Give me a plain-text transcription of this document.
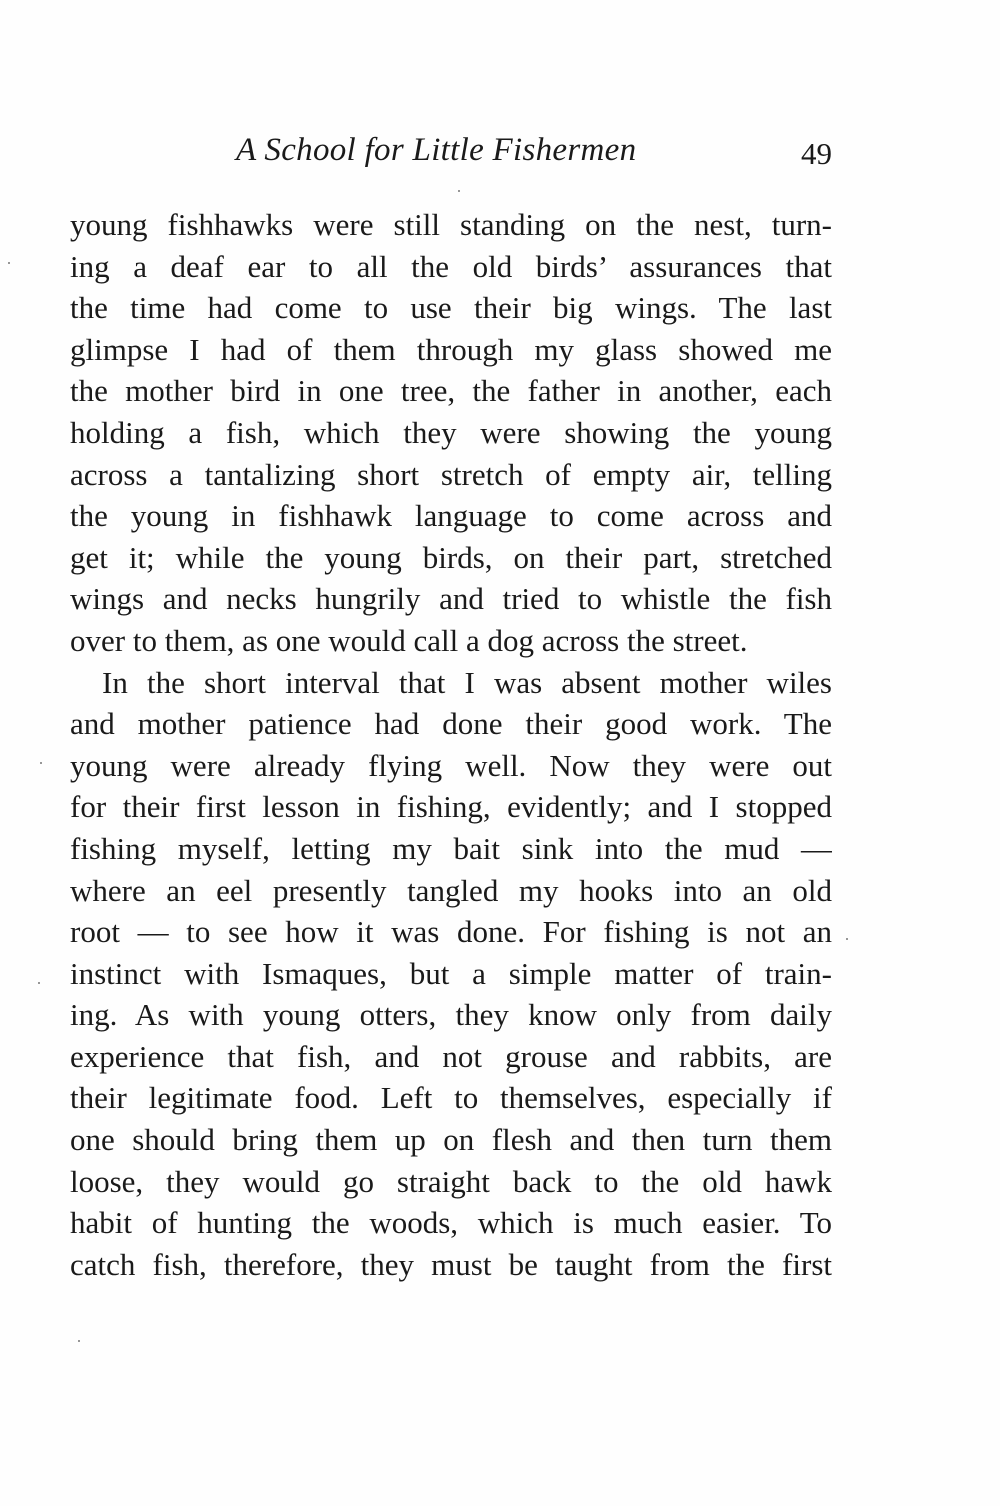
A School for Little Fishermen	49
young fishhawks were still standing on the nest, turn-
ing a deaf ear to all the old birds’ assurances that
the time had come to use their big wings. The last
glimpse I had of them through my glass showed me
the mother bird in one tree, the father in another, each
holding a fish, which they were showing the young
across a tantalizing short stretch of empty air, telling
the young in fishhawk language to come across and
get it; while the young birds, on their part, stretched
wings and necks hungrily and tried to whistle the fish
over to them, as one would call a dog across the street.
In the short interval that I was absent mother wiles
and mother patience had done their good work. The
young were already flying well. Now they were out
for their first lesson in fishing, evidently; and I stopped
fishing myself, letting my bait sink into the mud —
where an eel presently tangled my hooks into an old
root — to see how it was done. For fishing is not an
instinct with Ismaques, but a simple matter of train-
ing. As with young otters, they know only from daily
experience that fish, and not grouse and rabbits, are
their legitimate food. Left to themselves, especially if
one should bring them up on flesh and then turn them
loose, they would go straight back to the old hawk
habit of hunting the woods, which is much easier. To
catch fish, therefore, they must be taught from the first
